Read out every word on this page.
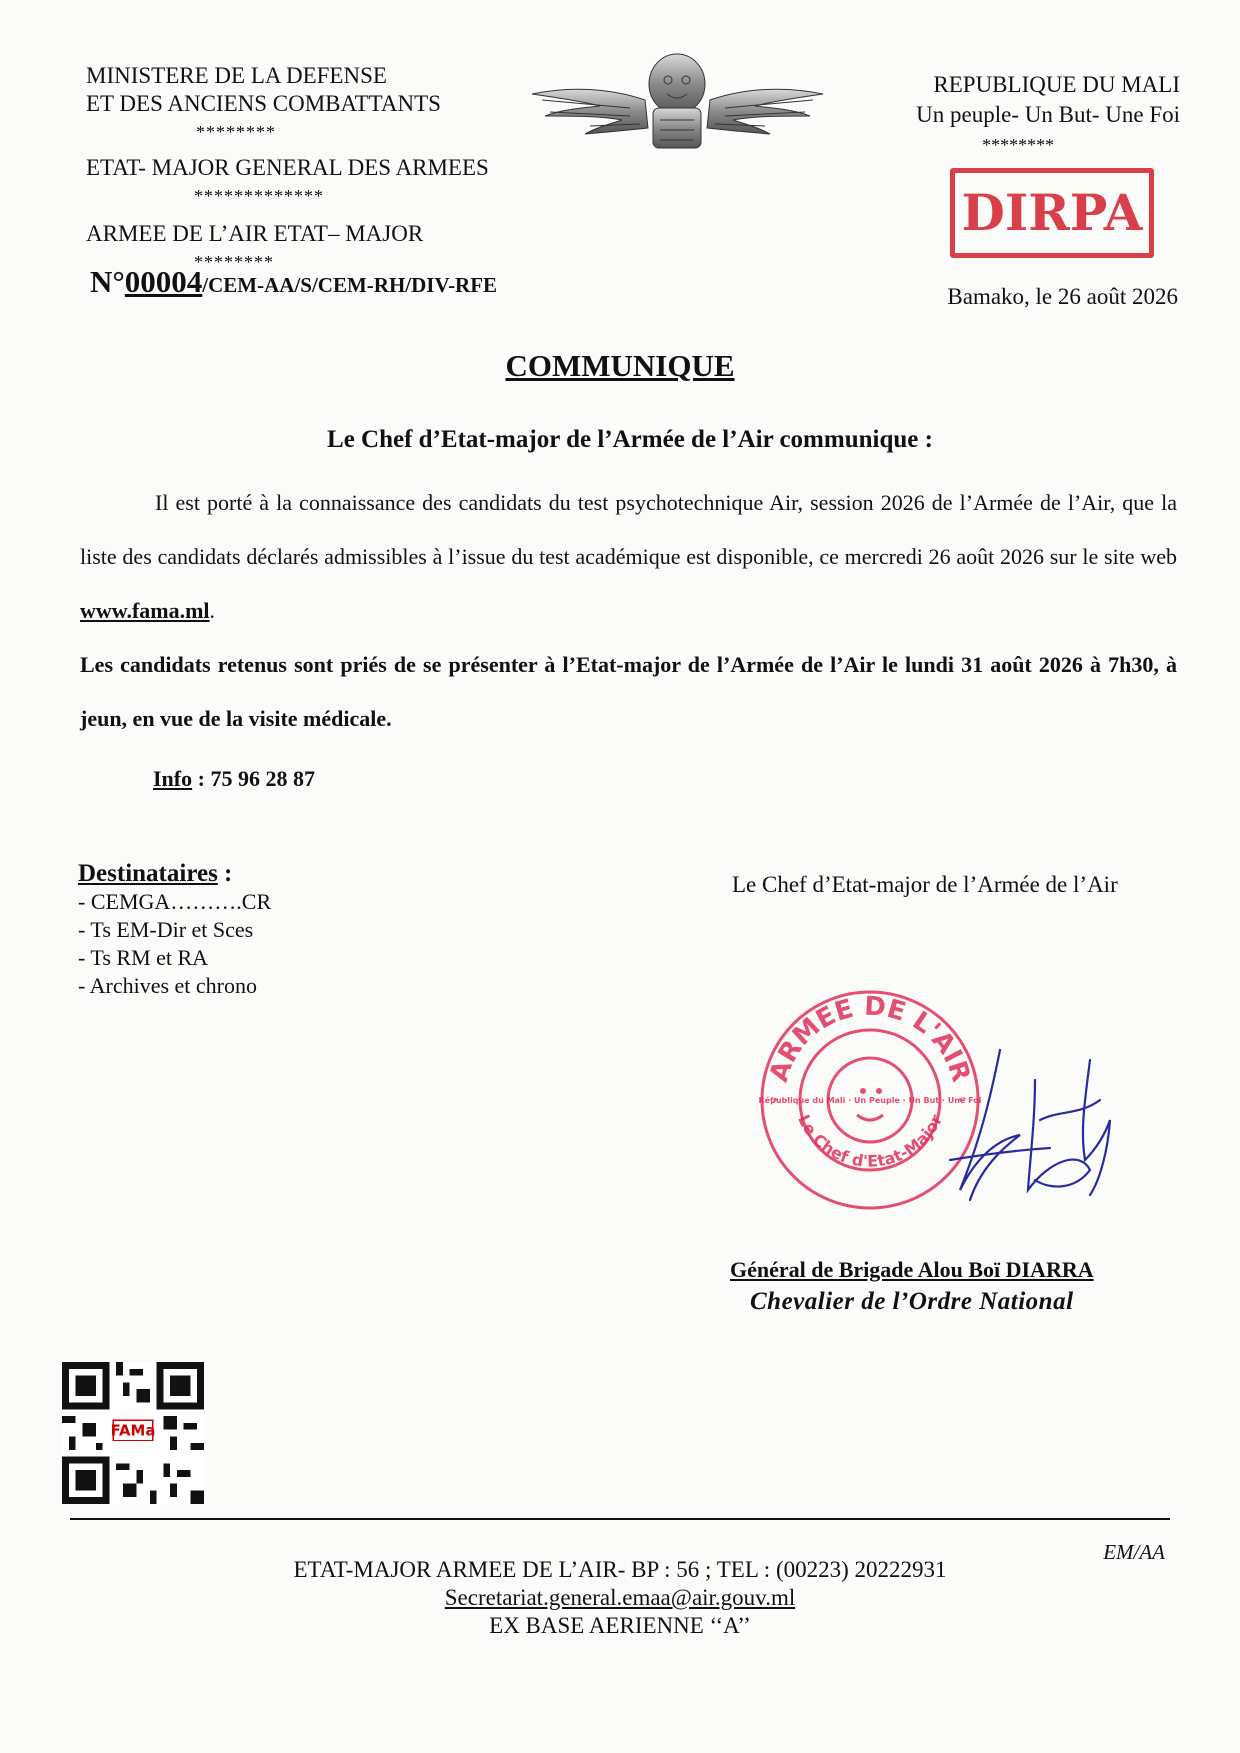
MINISTERE DE LA DEFENSE
ET DES ANCIENS COMBATTANTS
********
ETAT- MAJOR GENERAL DES ARMEES
*************
ARMEE DE L’AIR ETAT– MAJOR
********
REPUBLIQUE DU MALI
Un peuple- Un But- Une Foi
********
DIRPA
N°00004/CEM-AA/S/CEM-RH/DIV-RFE	Bamako, le 26 août 2026
COMMUNIQUE
Le Chef d’Etat-major de l’Armée de l’Air communique :
Il est porté à la connaissance des candidats du test psychotechnique Air, session 2026 de l’Armée de l’Air, que la liste des candidats déclarés admissibles à l’issue du test académique est disponible, ce mercredi 26 août 2026 sur le site web www.fama.ml.
Les candidats retenus sont priés de se présenter à l’Etat-major de l’Armée de l’Air le lundi 31 août 2026 à 7h30, à jeun, en vue de la visite médicale.
Info : 75 96 28 87
Destinataires :
- CEMGA……….CR
- Ts EM-Dir et Sces
- Ts RM et RA
- Archives et chrono
Le Chef d’Etat-major de l’Armée de l’Air
ARMEE DE L'AIR
Le Chef d'Etat-Major
République du Mali · Un Peuple · Un But · Une Foi
Général de Brigade Alou Boï DIARRA
Chevalier de l’Ordre National
FAMa
EM/AA
ETAT-MAJOR ARMEE DE L’AIR- BP : 56 ; TEL : (00223) 20222931
Secretariat.general.emaa@air.gouv.ml
EX BASE AERIENNE ‘‘A’’
